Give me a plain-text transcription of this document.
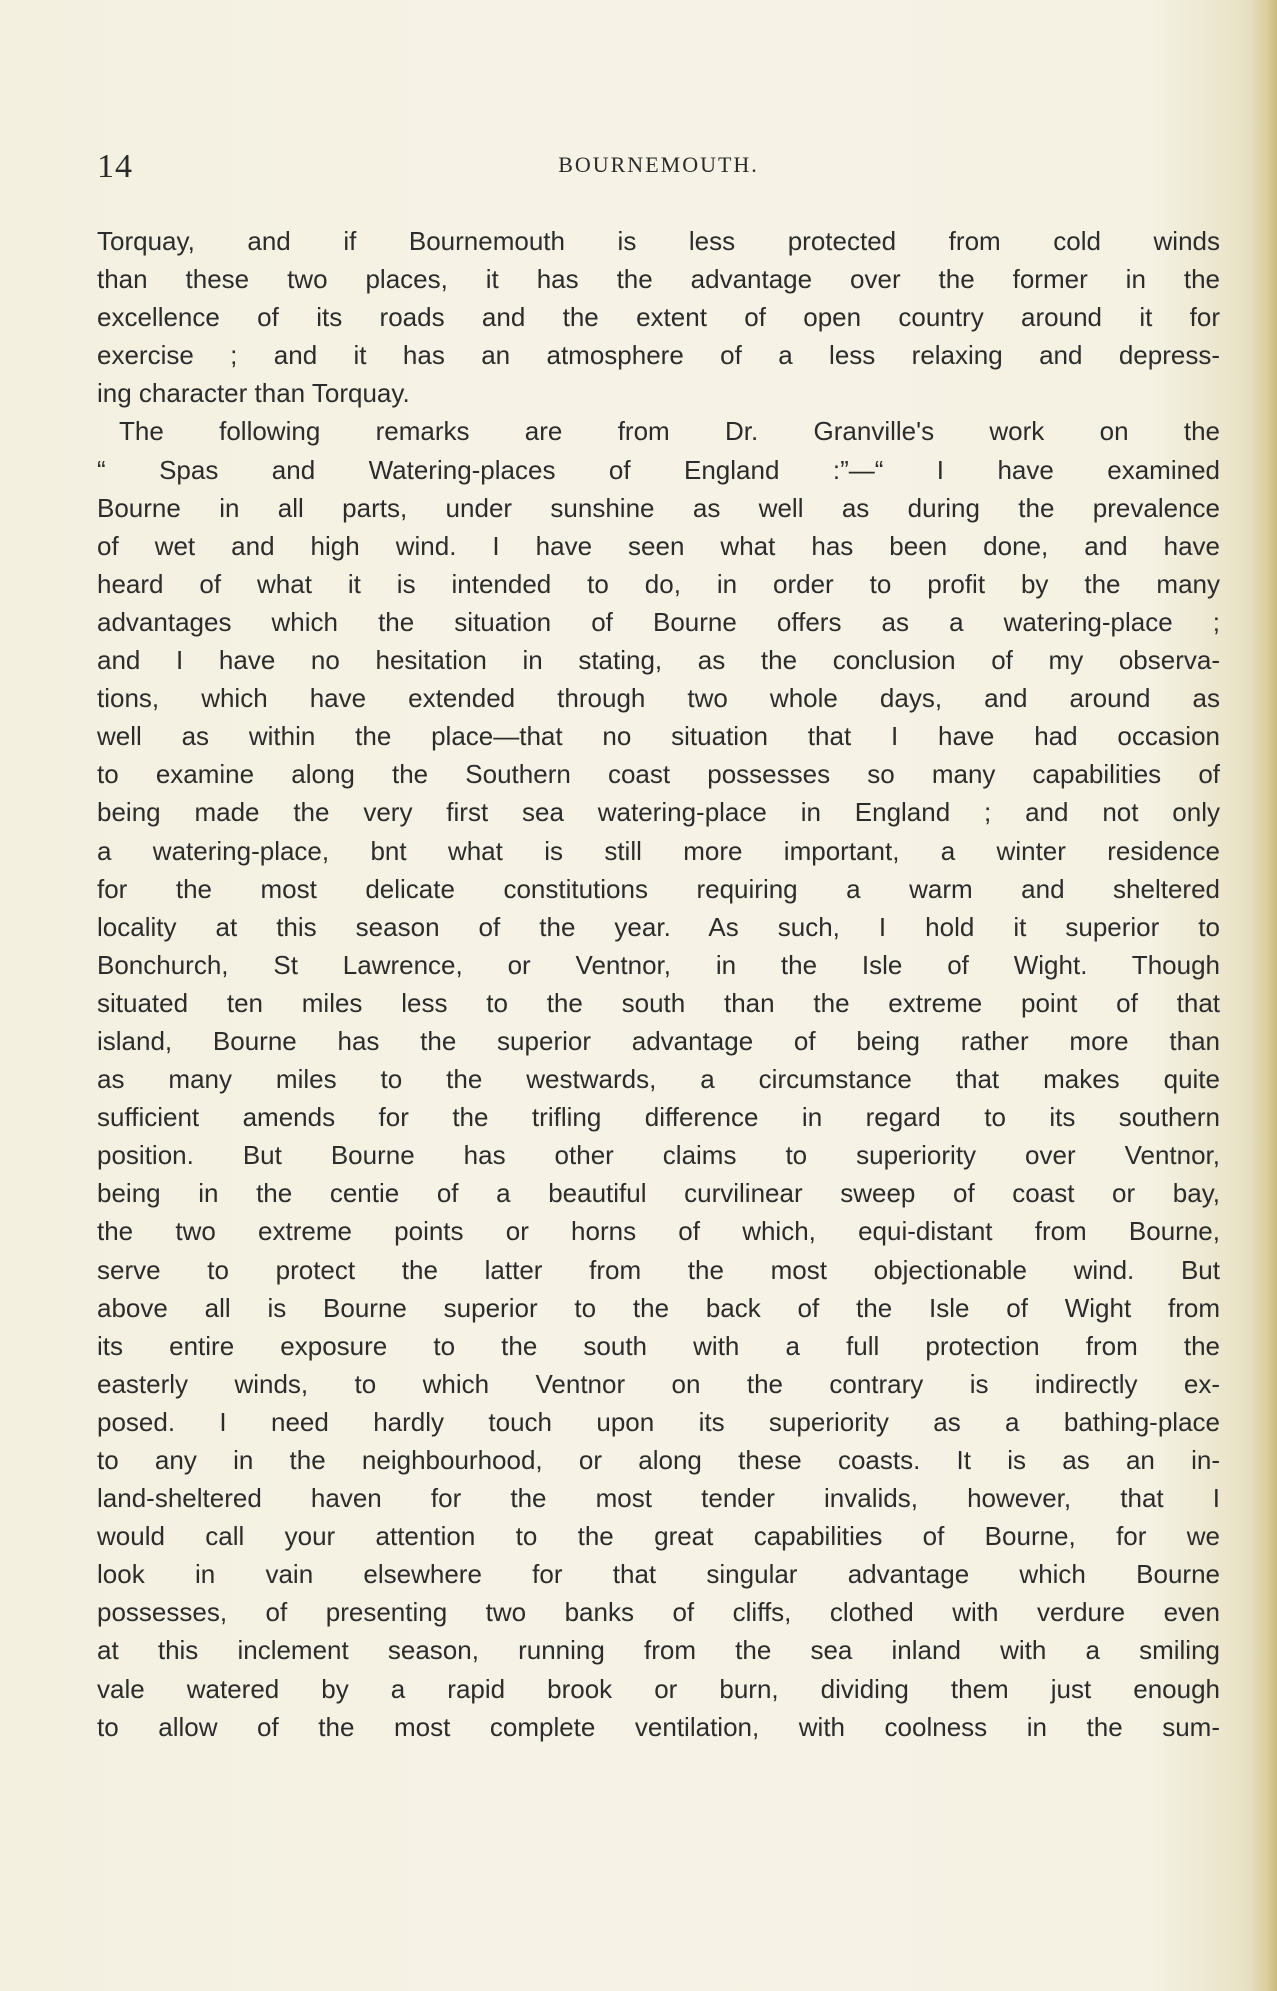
14	BOURNEMOUTH.
Torquay, and if Bournemouth is less protected from cold winds
than these two places, it has the advantage over the former in the
excellence of its roads and the extent of open country around it for
exercise ; and it has an atmosphere of a less relaxing and depress-
ing character than Torquay.
The following remarks are from Dr. Granville's work on the
“ Spas and Watering-places of England :”—“ I have examined
Bourne in all parts, under sunshine as well as during the prevalence
of wet and high wind. I have seen what has been done, and have
heard of what it is intended to do, in order to profit by the many
advantages which the situation of Bourne offers as a watering-place ;
and I have no hesitation in stating, as the conclusion of my observa-
tions, which have extended through two whole days, and around as
well as within the place—that no situation that I have had occasion
to examine along the Southern coast possesses so many capabilities of
being made the very first sea watering-place in England ; and not only
a watering-place, bnt what is still more important, a winter residence
for the most delicate constitutions requiring a warm and sheltered
locality at this season of the year. As such, I hold it superior to
Bonchurch, St Lawrence, or Ventnor, in the Isle of Wight. Though
situated ten miles less to the south than the extreme point of that
island, Bourne has the superior advantage of being rather more than
as many miles to the westwards, a circumstance that makes quite
sufficient amends for the trifling difference in regard to its southern
position. But Bourne has other claims to superiority over Ventnor,
being in the centie of a beautiful curvilinear sweep of coast or bay,
the two extreme points or horns of which, equi-distant from Bourne,
serve to protect the latter from the most objectionable wind. But
above all is Bourne superior to the back of the Isle of Wight from
its entire exposure to the south with a full protection from the
easterly winds, to which Ventnor on the contrary is indirectly ex-
posed. I need hardly touch upon its superiority as a bathing-place
to any in the neighbourhood, or along these coasts. It is as an in-
land-sheltered haven for the most tender invalids, however, that I
would call your attention to the great capabilities of Bourne, for we
look in vain elsewhere for that singular advantage which Bourne
possesses, of presenting two banks of cliffs, clothed with verdure even
at this inclement season, running from the sea inland with a smiling
vale watered by a rapid brook or burn, dividing them just enough
to allow of the most complete ventilation, with coolness in the sum-
